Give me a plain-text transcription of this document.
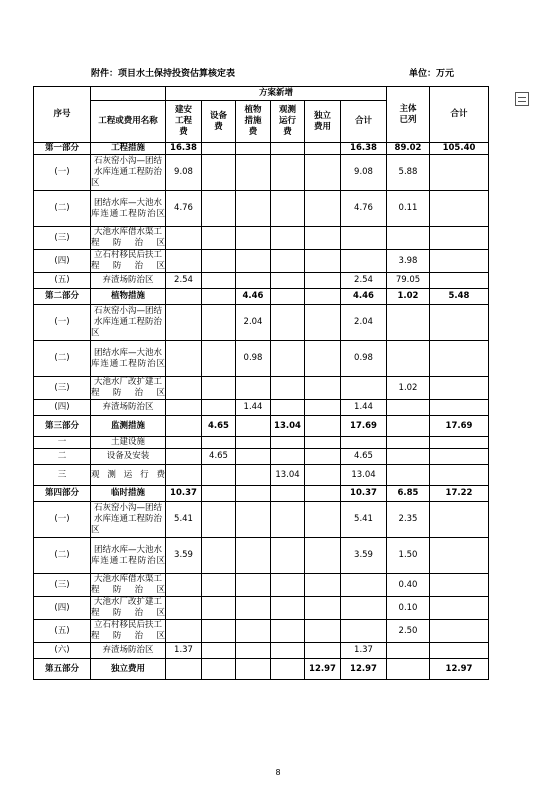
附件：项目水土保持投资估算核定表	单位：万元
序号		方案新增						主体已列	合计

	工程或费用名称	建安工程费	设备费	植物措施费	观测运行费	独立费用	合计		
第一部分	工程措施	16.38					16.38	89.02	105.40
(一)	石灰窑小沟—团结水库连通工程防治区	9.08					9.08	5.88	
(二)	团结水库—大池水库连通工程防治区	4.76					4.76	0.11	
(三)	大池水库借水渠工程防治区								
(四)	立石村移民后扶工程防治区							3.98	
(五)	弃渣场防治区	2.54					2.54	79.05	
第二部分	植物措施			4.46			4.46	1.02	5.48
(一)	石灰窑小沟—团结水库连通工程防治区			2.04			2.04		
(二)	团结水库—大池水库连通工程防治区			0.98			0.98		
(三)	大池水厂改扩建工程防治区							1.02	
(四)	弃渣场防治区			1.44			1.44		
第三部分	监测措施		4.65		13.04		17.69		17.69
一	土建设施								
二	设备及安装		4.65				4.65		
三	观测运行费				13.04		13.04		
第四部分	临时措施	10.37					10.37	6.85	17.22
(一)	石灰窑小沟—团结水库连通工程防治区	5.41					5.41	2.35	
(二)	团结水库—大池水库连通工程防治区	3.59					3.59	1.50	
(三)	大池水库借水渠工程防治区							0.40	
(四)	大池水厂改扩建工程防治区							0.10	
(五)	立石村移民后扶工程防治区							2.50	
(六)	弃渣场防治区	1.37					1.37		
第五部分	独立费用					12.97	12.97		12.97
8
